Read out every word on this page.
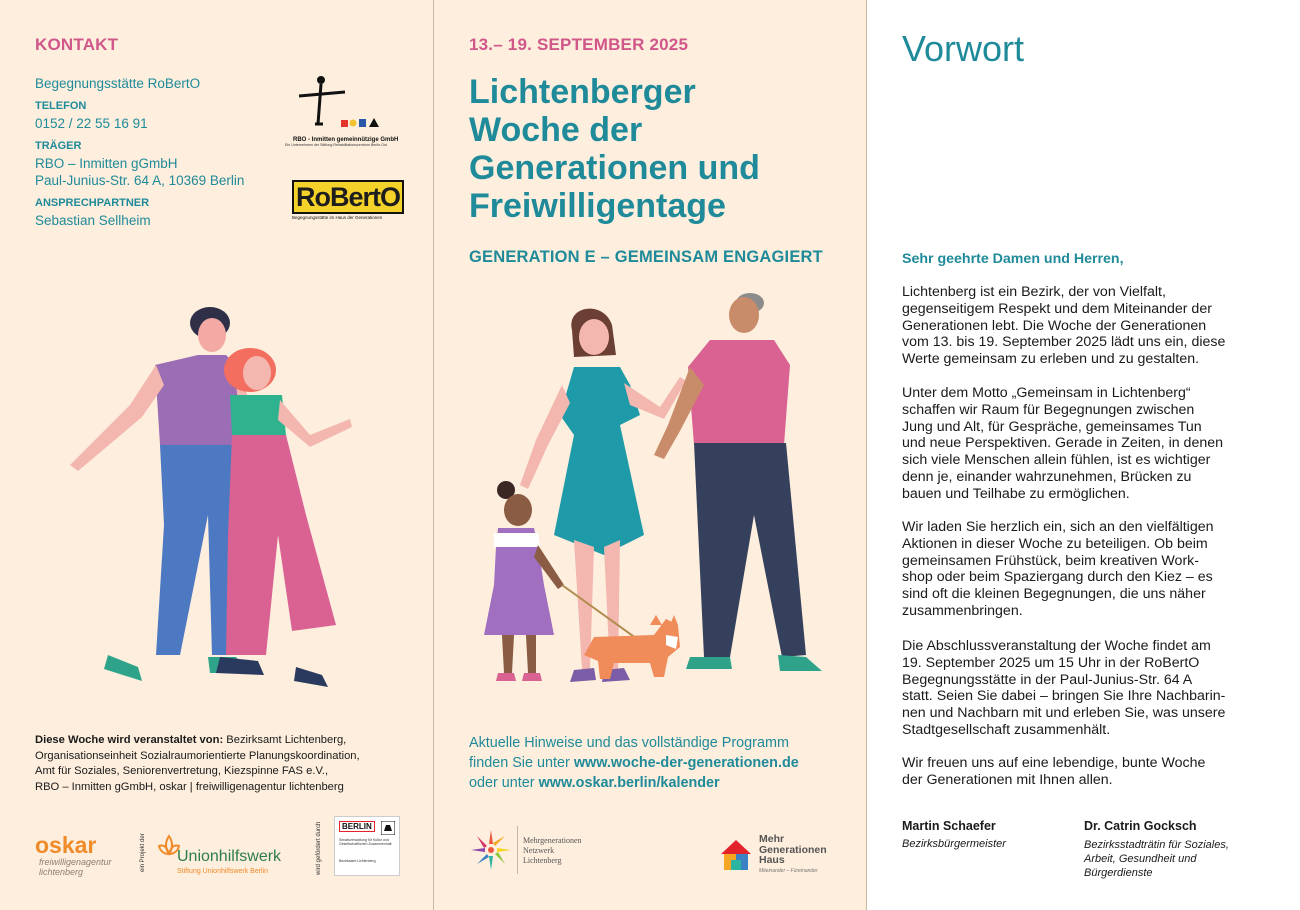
KONTAKT
Begegnungsstätte RoBertO
TELEFON
0152 / 22 55 16 91
TRÄGER
RBO – Inmitten gGmbH
Paul-Junius-Str. 64 A, 10369 Berlin
ANSPRECHPARTNER
Sebastian Sellheim
RBO - Inmitten gemeinnützige GmbH
Ein Unternehmen der Stiftung Rehabilitationszentrum Berlin-Ost
RoBertO
Begegnungsstätte im Haus der Generationen
Diese Woche wird veranstaltet von: Bezirksamt Lichtenberg,
Organisationseinheit Sozialraumorientierte Planungskoordination,
Amt für Soziales, Seniorenvertretung, Kiezspinne FAS e.V.,
RBO – Inmitten gGmbH, oskar | freiwilligenagentur lichtenberg
oskar
freiwilligenagentur
lichtenberg	ein Projekt der Unionhilfswerk
Stiftung Unionhilfswerk Berlin	wird gefördert durch	BERLIN
Senatsverwaltung für Kultur und Gesellschaftlichen Zusammenhalt
Bezirksamt Lichtenberg
13.– 19. SEPTEMBER 2025
Lichtenberger
Woche der
Generationen und
Freiwilligentage
GENERATION E – GEMEINSAM ENGAGIERT
Aktuelle Hinweise und das vollständige Programm
finden Sie unter www.woche-der-generationen.de
oder unter www.oskar.berlin/kalender
Mehrgenerationen
Netzwerk
Lichtenberg
Mehr
Generationen
Haus
Miteinander – Füreinander
Vorwort
Sehr geehrte Damen und Herren,
Lichtenberg ist ein Bezirk, der von Vielfalt,
gegenseitigem Respekt und dem Miteinander der
Generationen lebt. Die Woche der Generationen
vom 13. bis 19. September 2025 lädt uns ein, diese
Werte gemeinsam zu erleben und zu gestalten.
Unter dem Motto „Gemeinsam in Lichtenberg“
schaffen wir Raum für Begegnungen zwischen
Jung und Alt, für Gespräche, gemeinsames Tun
und neue Perspektiven. Gerade in Zeiten, in denen
sich viele Menschen allein fühlen, ist es wichtiger
denn je, einander wahrzunehmen, Brücken zu
bauen und Teilhabe zu ermöglichen.
Wir laden Sie herzlich ein, sich an den vielfältigen
Aktionen in dieser Woche zu beteiligen. Ob beim
gemeinsamen Frühstück, beim kreativen Work-
shop oder beim Spaziergang durch den Kiez – es
sind oft die kleinen Begegnungen, die uns näher
zusammenbringen.
Die Abschlussveranstaltung der Woche findet am
19. September 2025 um 15 Uhr in der RoBertO
Begegnungsstätte in der Paul-Junius-Str. 64 A
statt. Seien Sie dabei – bringen Sie Ihre Nachbarin-
nen und Nachbarn mit und erleben Sie, was unsere
Stadtgesellschaft zusammenhält.
Wir freuen uns auf eine lebendige, bunte Woche
der Generationen mit Ihnen allen.
Martin Schaefer
Bezirksbürgermeister
Dr. Catrin Gocksch
Bezirksstadträtin für Soziales,
Arbeit, Gesundheit und
Bürgerdienste
